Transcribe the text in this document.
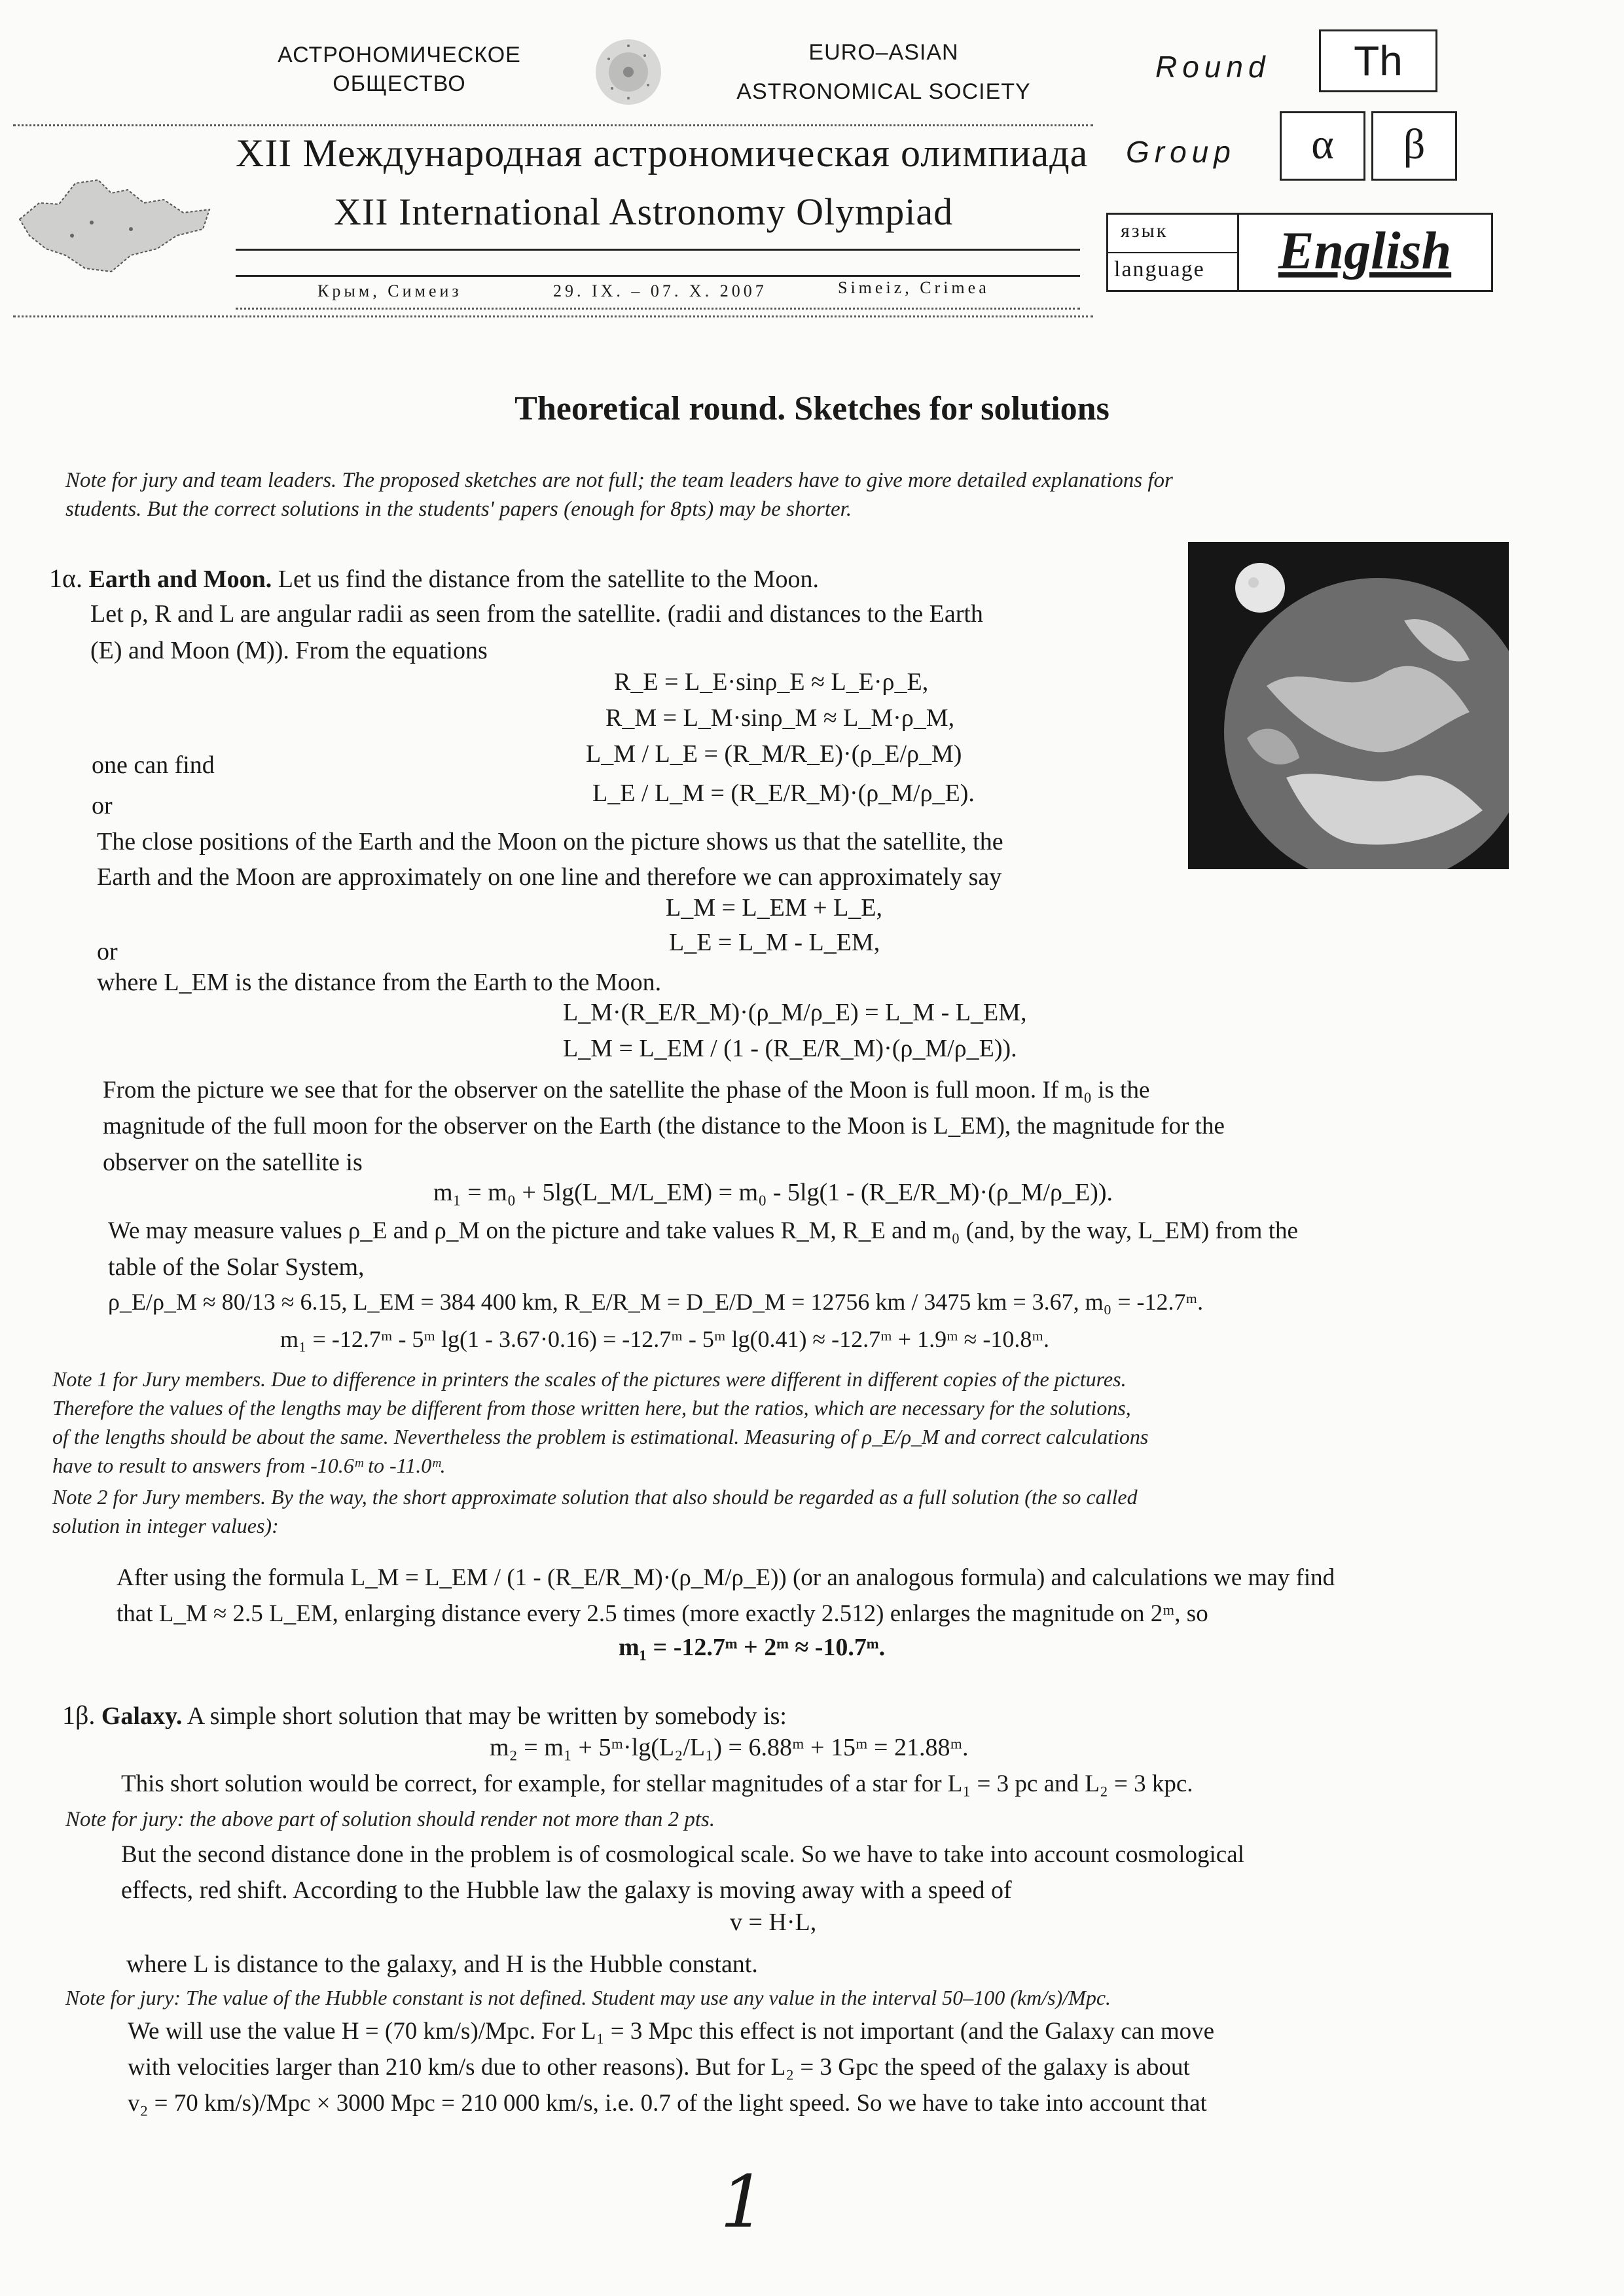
АСТРОНОМИЧЕСКОЕ
ОБЩЕСТВО
EURO–ASIAN
ASTRONOMICAL SOCIETY
XII Международная астрономическая олимпиада
XII International Astronomy Olympiad
Крым, Симеиз	29. IX. – 07. X. 2007	Simeiz, Crimea
Round	Th
Group	α	β
язык
language	English
Theoretical round. Sketches for solutions
Note for jury and team leaders. The proposed sketches are not full; the team leaders have to give more detailed explanations for
students. But the correct solutions in the students' papers (enough for 8pts) may be shorter.
1α. Earth and Moon. Let us find the distance from the satellite to the Moon.
Let ρ, R and L are angular radii as seen from the satellite. (radii and distances to the Earth
(E) and Moon (M)). From the equations
R_E = L_E·sinρ_E ≈ L_E·ρ_E,
R_M = L_M·sinρ_M ≈ L_M·ρ_M,
one can find	L_M / L_E = (R_M/R_E)·(ρ_E/ρ_M)
or	L_E / L_M = (R_E/R_M)·(ρ_M/ρ_E).
The close positions of the Earth and the Moon on the picture shows us that the satellite, the
Earth and the Moon are approximately on one line and therefore we can approximately say
L_M = L_EM + L_E,
or	L_E = L_M - L_EM,
where L_EM is the distance from the Earth to the Moon.
L_M·(R_E/R_M)·(ρ_M/ρ_E) = L_M - L_EM,
L_M = L_EM / (1 - (R_E/R_M)·(ρ_M/ρ_E)).
From the picture we see that for the observer on the satellite the phase of the Moon is full moon. If m₀ is the
magnitude of the full moon for the observer on the Earth (the distance to the Moon is L_EM), the magnitude for the
observer on the satellite is
m₁ = m₀ + 5lg(L_M/L_EM) = m₀ - 5lg(1 - (R_E/R_M)·(ρ_M/ρ_E)).
We may measure values ρ_E and ρ_M on the picture and take values R_M, R_E and m₀ (and, by the way, L_EM) from the
table of the Solar System,
ρ_E/ρ_M ≈ 80/13 ≈ 6.15, L_EM = 384 400 km, R_E/R_M = D_E/D_M = 12756 km / 3475 km = 3.67, m₀ = -12.7ᵐ.
m₁ = -12.7ᵐ - 5ᵐ lg(1 - 3.67·0.16) = -12.7ᵐ - 5ᵐ lg(0.41) ≈ -12.7ᵐ + 1.9ᵐ ≈ -10.8ᵐ.
Note 1 for Jury members. Due to difference in printers the scales of the pictures were different in different copies of the pictures.
Therefore the values of the lengths may be different from those written here, but the ratios, which are necessary for the solutions,
of the lengths should be about the same. Nevertheless the problem is estimational. Measuring of ρ_E/ρ_M and correct calculations
have to result to answers from -10.6ᵐ to -11.0ᵐ.
Note 2 for Jury members. By the way, the short approximate solution that also should be regarded as a full solution (the so called
solution in integer values):
After using the formula L_M = L_EM / (1 - (R_E/R_M)·(ρ_M/ρ_E)) (or an analogous formula) and calculations we may find
that L_M ≈ 2.5 L_EM, enlarging distance every 2.5 times (more exactly 2.512) enlarges the magnitude on 2ᵐ, so
m₁ = -12.7ᵐ + 2ᵐ ≈ -10.7ᵐ.
1β. Galaxy. A simple short solution that may be written by somebody is:
m₂ = m₁ + 5ᵐ·lg(L₂/L₁) = 6.88ᵐ + 15ᵐ = 21.88ᵐ.
This short solution would be correct, for example, for stellar magnitudes of a star for L₁ = 3 pc and L₂ = 3 kpc.
Note for jury: the above part of solution should render not more than 2 pts.
But the second distance done in the problem is of cosmological scale. So we have to take into account cosmological
effects, red shift. According to the Hubble law the galaxy is moving away with a speed of
v = H·L,
where L is distance to the galaxy, and H is the Hubble constant.
Note for jury: The value of the Hubble constant is not defined. Student may use any value in the interval 50–100 (km/s)/Mpc.
We will use the value H = (70 km/s)/Mpc. For L₁ = 3 Mpc this effect is not important (and the Galaxy can move
with velocities larger than 210 km/s due to other reasons). But for L₂ = 3 Gpc the speed of the galaxy is about
v₂ = 70 km/s)/Mpc × 3000 Mpc = 210 000 km/s, i.e. 0.7 of the light speed. So we have to take into account that
1
